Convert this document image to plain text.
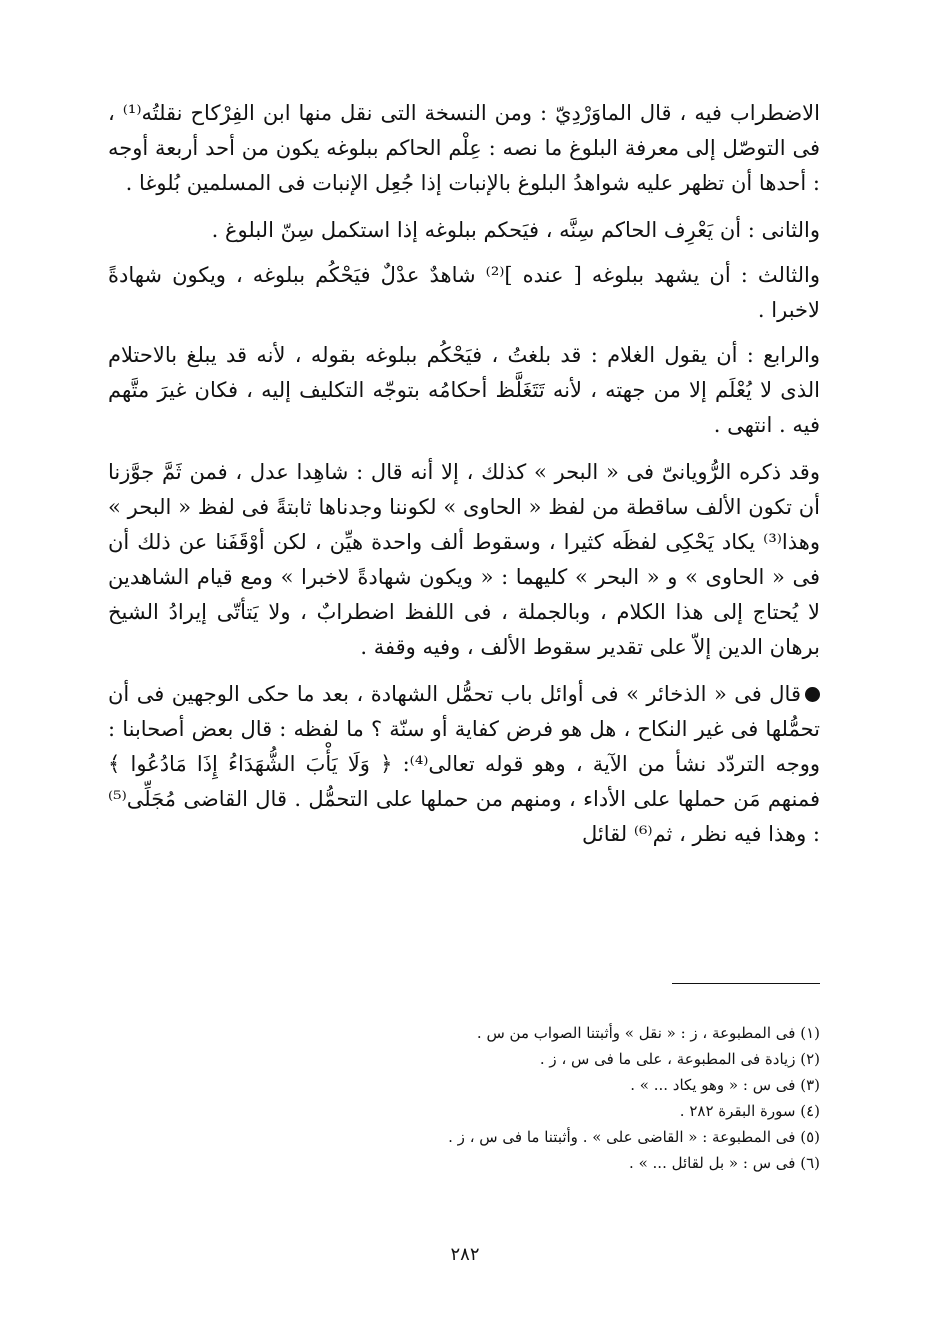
الاضطراب فيه ، قال الماوَرْدِيّ : ومن النسخة التى نقل منها ابن الفِرْكاح نقلتُه⁽¹⁾ ، فى التوصّل إلى معرفة البلوغ ما نصه : عِلْم الحاكم ببلوغه يكون من أحد أربعة أوجه : أحدها أن تظهر عليه شواهدُ البلوغ بالإنبات إذا جُعِل الإنبات فى المسلمين بُلوغا .

والثانى : أن يَعْرِف الحاكم سِنَّه ، فيَحكم ببلوغه إذا استكمل سِنّ البلوغ .

والثالث : أن يشهد ببلوغه [ عنده ]⁽²⁾ شاهدٌ عدْلٌ فيَحْكُم ببلوغه ، ويكون شهادةً لاخبرا .

والرابع : أن يقول الغلام : قد بلغتُ ، فيَحْكُم ببلوغه بقوله ، لأنه قد يبلغ بالاحتلام الذى لا يُعْلَم إلا من جهته ، لأنه تَتَغَلَّظ أحكامُه بتوجّه التكليف إليه ، فكان غيرَ متَّهم فيه . انتهى .

وقد ذكره الرُّويانىّ فى « البحر » كذلك ، إلا أنه قال : شاهِدا عدل ، فمن ثَمَّ جوَّزنا أن تكون الألف ساقطة من لفظ « الحاوى » لكوننا وجدناها ثابتةً فى لفظ « البحر » وهذا⁽³⁾ يكاد يَحْكِى لفظَه كثيرا ، وسقوط ألف واحدة هيِّن ، لكن أوْقَفَنا عن ذلك أن فى « الحاوى » و « البحر » كليهما : « ويكون شهادةً لاخبرا » ومع قيام الشاهدين لا يُحتاج إلى هذا الكلام ، وبالجملة ، فى اللفظ اضطرابٌ ، ولا يَتأتّى إيرادُ الشيخ برهان الدين إلاّ على تقدير سقوط الألف ، وفيه وقفة .

قال فى « الذخائر » فى أوائل باب تحمُّل الشهادة ، بعد ما حكى الوجهين فى أن تحمُّلها فى غير النكاح ، هل هو فرض كفاية أو سنّة ؟ ما لفظه : قال بعض أصحابنا : ووجه التردّد نشأ من الآية ، وهو قوله تعالى⁽⁴⁾: ﴿ وَلَا يَأْبَ الشُّهَدَاءُ إِذَا مَادُعُوا ﴾ فمنهم مَن حملها على الأداء ، ومنهم من حملها على التحمُّل . قال القاضى مُجَلِّى⁽⁵⁾ : وهذا فيه نظر ، ثم⁽⁶⁾ لقائل

(١) فى المطبوعة ، ز : « نقل » وأثبتنا الصواب من س .

(٢) زيادة فى المطبوعة ، على ما فى س ، ز .

(٣) فى س : « وهو يكاد ... » .

(٤) سورة البقرة ٢٨٢ .

(٥) فى المطبوعة : « القاضى على » . وأثبتنا ما فى س ، ز .

(٦) فى س : « بل لقائل ... » .

٢٨٢
